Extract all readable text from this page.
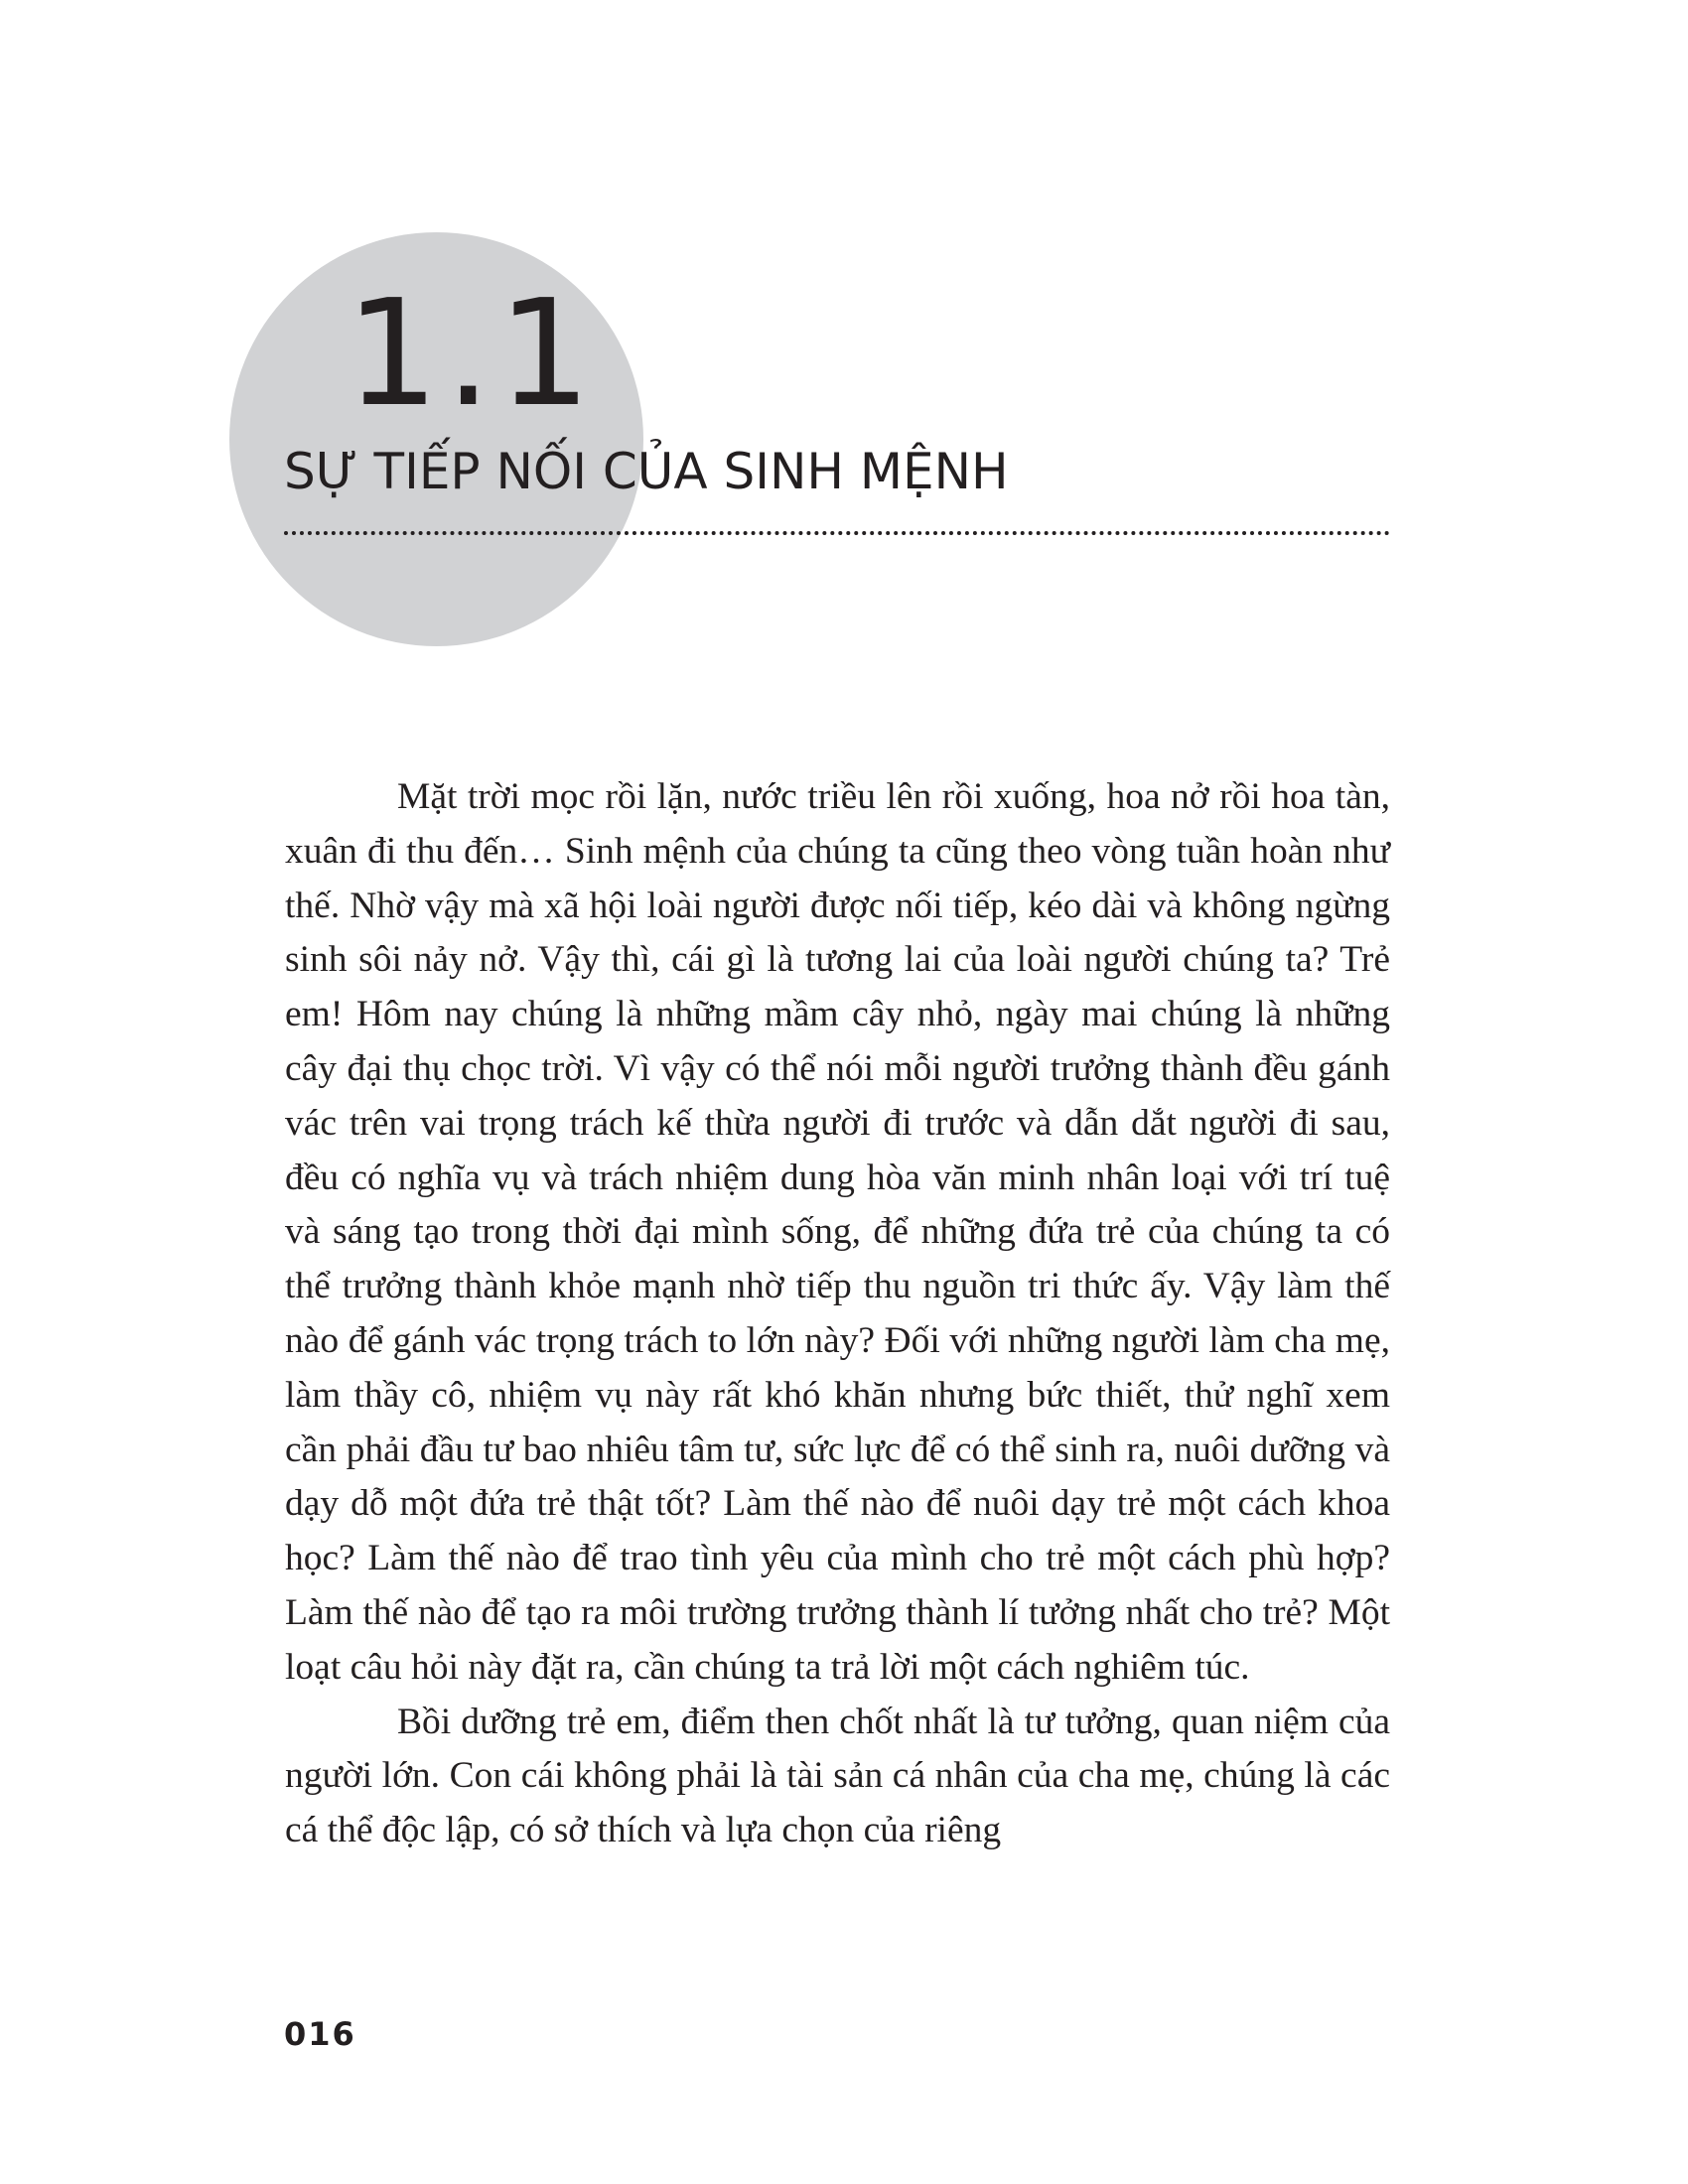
1.1
SỰ TIẾP NỐI CỦA SINH MỆNH

Mặt trời mọc rồi lặn, nước triều lên rồi xuống, hoa nở rồi hoa tàn, xuân đi thu đến… Sinh mệnh của chúng ta cũng theo vòng tuần hoàn như thế. Nhờ vậy mà xã hội loài người được nối tiếp, kéo dài và không ngừng sinh sôi nảy nở. Vậy thì, cái gì là tương lai của loài người chúng ta? Trẻ em! Hôm nay chúng là những mầm cây nhỏ, ngày mai chúng là những cây đại thụ chọc trời. Vì vậy có thể nói mỗi người trưởng thành đều gánh vác trên vai trọng trách kế thừa người đi trước và dẫn dắt người đi sau, đều có nghĩa vụ và trách nhiệm dung hòa văn minh nhân loại với trí tuệ và sáng tạo trong thời đại mình sống, để những đứa trẻ của chúng ta có thể trưởng thành khỏe mạnh nhờ tiếp thu nguồn tri thức ấy. Vậy làm thế nào để gánh vác trọng trách to lớn này? Đối với những người làm cha mẹ, làm thầy cô, nhiệm vụ này rất khó khăn nhưng bức thiết, thử nghĩ xem cần phải đầu tư bao nhiêu tâm tư, sức lực để có thể sinh ra, nuôi dưỡng và dạy dỗ một đứa trẻ thật tốt? Làm thế nào để nuôi dạy trẻ một cách khoa học? Làm thế nào để trao tình yêu của mình cho trẻ một cách phù hợp? Làm thế nào để tạo ra môi trường trưởng thành lí tưởng nhất cho trẻ? Một loạt câu hỏi này đặt ra, cần chúng ta trả lời một cách nghiêm túc.

Bồi dưỡng trẻ em, điểm then chốt nhất là tư tưởng, quan niệm của người lớn. Con cái không phải là tài sản cá nhân của cha mẹ, chúng là các cá thể độc lập, có sở thích và lựa chọn của riêng

016
